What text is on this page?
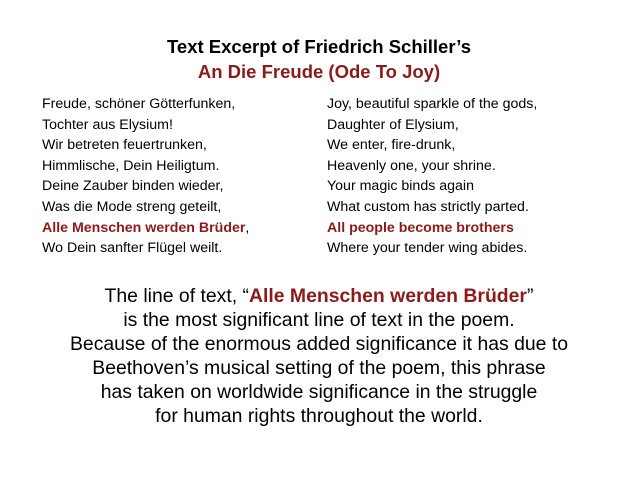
Text Excerpt of Friedrich Schiller’s
An Die Freude (Ode To Joy)
Freude, schöner Götterfunken,
Tochter aus Elysium!
Wir betreten feuertrunken,
Himmlische, Dein Heiligtum.
Deine Zauber binden wieder,
Was die Mode streng geteilt,
Alle Menschen werden Brüder,
Wo Dein sanfter Flügel weilt.
Joy, beautiful sparkle of the gods,
Daughter of Elysium,
We enter, fire-drunk,
Heavenly one, your shrine.
Your magic binds again
What custom has strictly parted.
All people become brothers
Where your tender wing abides.
The line of text, “Alle Menschen werden Brüder”
is the most significant line of text in the poem.
Because of the enormous added significance it has due to
Beethoven’s musical setting of the poem, this phrase
has taken on worldwide significance in the struggle
for human rights throughout the world.
